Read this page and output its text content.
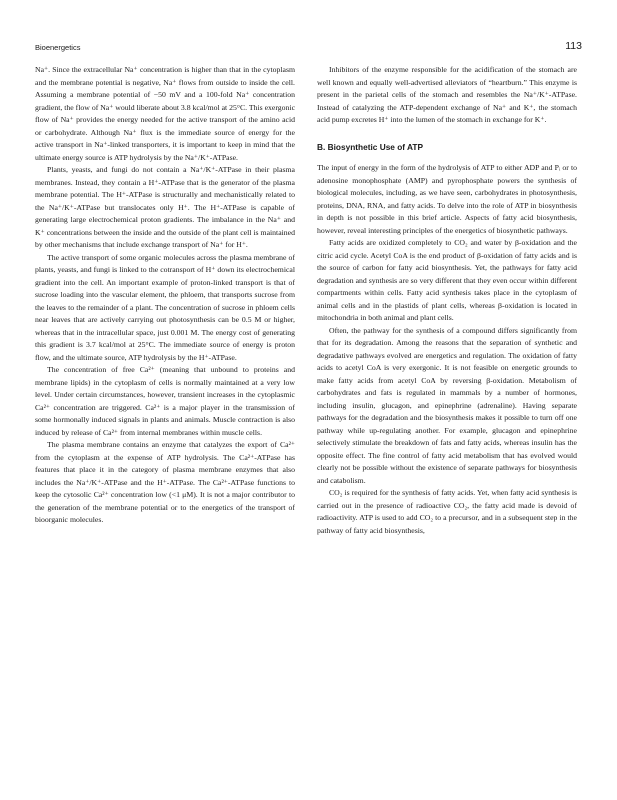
Bioenergetics	113

Na⁺. Since the extracellular Na⁺ concentration is higher than that in the cytoplasm and the membrane potential is negative, Na⁺ flows from outside to inside the cell. Assuming a membrane potential of −50 mV and a 100-fold Na⁺ concentration gradient, the flow of Na⁺ would liberate about 3.8 kcal/mol at 25°C. This exergonic flow of Na⁺ provides the energy needed for the active transport of the amino acid or carbohydrate. Although Na⁺ flux is the immediate source of energy for the active transport in Na⁺-linked transporters, it is important to keep in mind that the ultimate energy source is ATP hydrolysis by the Na⁺/K⁺-ATPase.

Plants, yeasts, and fungi do not contain a Na⁺/K⁺-ATPase in their plasma membranes. Instead, they contain a H⁺-ATPase that is the generator of the plasma membrane potential. The H⁺-ATPase is structurally and mechanistically related to the Na⁺/K⁺-ATPase but translocates only H⁺. The H⁺-ATPase is capable of generating large electrochemical proton gradients. The imbalance in the Na⁺ and K⁺ concentrations between the inside and the outside of the plant cell is maintained by other mechanisms that include exchange transport of Na⁺ for H⁺.

The active transport of some organic molecules across the plasma membrane of plants, yeasts, and fungi is linked to the cotransport of H⁺ down its electrochemical gradient into the cell. An important example of proton-linked transport is that of sucrose loading into the vascular element, the phloem, that transports sucrose from the leaves to the remainder of a plant. The concentration of sucrose in phloem cells near leaves that are actively carrying out photosynthesis can be 0.5 M or higher, whereas that in the intracellular space, just 0.001 M. The energy cost of generating this gradient is 3.7 kcal/mol at 25°C. The immediate source of energy is proton flow, and the ultimate source, ATP hydrolysis by the H⁺-ATPase.

The concentration of free Ca²⁺ (meaning that unbound to proteins and membrane lipids) in the cytoplasm of cells is normally maintained at a very low level. Under certain circumstances, however, transient increases in the cytoplasmic Ca²⁺ concentration are triggered. Ca²⁺ is a major player in the transmission of some hormonally induced signals in plants and animals. Muscle contraction is also induced by release of Ca²⁺ from internal membranes within muscle cells.

The plasma membrane contains an enzyme that catalyzes the export of Ca²⁺ from the cytoplasm at the expense of ATP hydrolysis. The Ca²⁺-ATPase has features that place it in the category of plasma membrane enzymes that also includes the Na⁺/K⁺-ATPase and the H⁺-ATPase. The Ca²⁺-ATPase functions to keep the cytosolic Ca²⁺ concentration low (<1 μM). It is not a major contributor to the generation of the membrane potential or to the energetics of the transport of bioorganic molecules.

Inhibitors of the enzyme responsible for the acidification of the stomach are well known and equally well-advertised alleviators of “heartburn.” This enzyme is present in the parietal cells of the stomach and resembles the Na⁺/K⁺-ATPase. Instead of catalyzing the ATP-dependent exchange of Na⁺ and K⁺, the stomach acid pump excretes H⁺ into the lumen of the stomach in exchange for K⁺.

B. Biosynthetic Use of ATP

The input of energy in the form of the hydrolysis of ATP to either ADP and Pᵢ or to adenosine monophosphate (AMP) and pyrophosphate powers the synthesis of biological molecules, including, as we have seen, carbohydrates in photosynthesis, proteins, DNA, RNA, and fatty acids. To delve into the role of ATP in biosynthesis in depth is not possible in this brief article. Aspects of fatty acid biosynthesis, however, reveal interesting principles of the energetics of biosynthetic pathways.

Fatty acids are oxidized completely to CO₂ and water by β-oxidation and the citric acid cycle. Acetyl CoA is the end product of β-oxidation of fatty acids and is the source of carbon for fatty acid biosynthesis. Yet, the pathways for fatty acid degradation and synthesis are so very different that they even occur within different compartments within cells. Fatty acid synthesis takes place in the cytoplasm of animal cells and in the plastids of plant cells, whereas β-oxidation is located in mitochondria in both animal and plant cells.

Often, the pathway for the synthesis of a compound differs significantly from that for its degradation. Among the reasons that the separation of synthetic and degradative pathways evolved are energetics and regulation. The oxidation of fatty acids to acetyl CoA is very exergonic. It is not feasible on energetic grounds to make fatty acids from acetyl CoA by reversing β-oxidation. Metabolism of carbohydrates and fats is regulated in mammals by a number of hormones, including insulin, glucagon, and epinephrine (adrenaline). Having separate pathways for the degradation and the biosynthesis makes it possible to turn off one pathway while up-regulating another. For example, glucagon and epinephrine selectively stimulate the breakdown of fats and fatty acids, whereas insulin has the opposite effect. The fine control of fatty acid metabolism that has evolved would clearly not be possible without the existence of separate pathways for biosynthesis and catabolism.

CO₂ is required for the synthesis of fatty acids. Yet, when fatty acid synthesis is carried out in the presence of radioactive CO₂, the fatty acid made is devoid of radioactivity. ATP is used to add CO₂ to a precursor, and in a subsequent step in the pathway of fatty acid biosynthesis,
